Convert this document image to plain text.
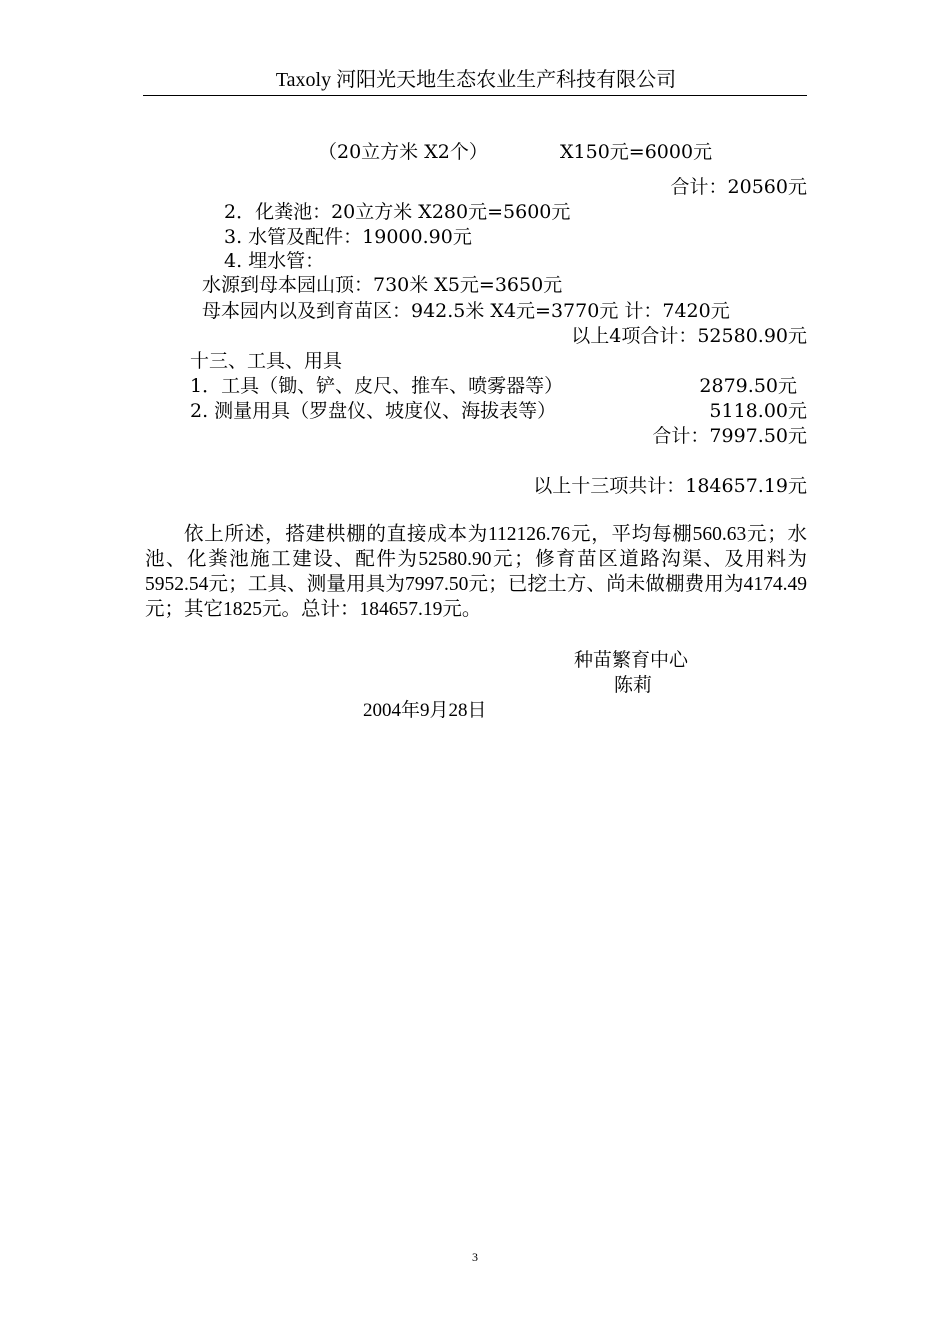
Taxoly 河阳光天地生态农业生产科技有限公司
（20立方米 X2个）	X150元=6000元
合计：20560元
2．化粪池：20立方米 X280元=5600元
3. 水管及配件：19000.90元
4. 埋水管：
水源到母本园山顶：730米 X5元=3650元
母本园内以及到育苗区：942.5米 X4元=3770元 计：7420元
以上4项合计：52580.90元
十三、工具、用具
1．工具（锄、铲、皮尺、推车、喷雾器等）	2879.50元
2. 测量用具（罗盘仪、坡度仪、海拔表等）	5118.00元
合计：7997.50元
以上十三项共计：184657.19元
依上所述，搭建栱棚的直接成本为112126.76元，平均每棚560.63元；水池、化粪池施工建设、配件为52580.90元；修育苗区道路沟渠、及用料为5952.54元；工具、测量用具为7997.50元；已挖土方、尚未做棚费用为4174.49元；其它1825元。总计：184657.19元。
种苗繁育中心
陈莉
2004年9月28日
3
